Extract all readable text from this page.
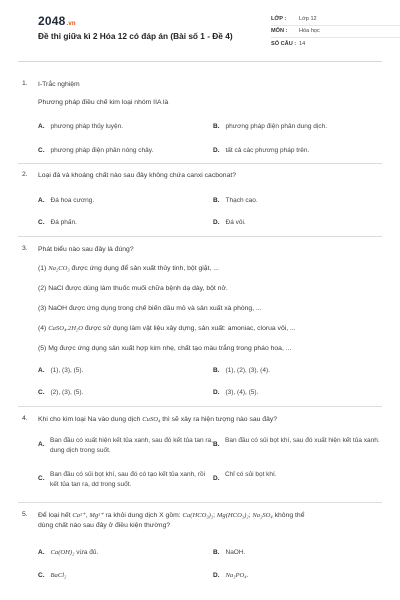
2048.vn
Đề thi giữa kì 2 Hóa 12 có đáp án (Bài số 1 - Đề 4)
LỚP :	Lớp 12
MÔN :	Hóa học
SỐ CÂU : 14
1. I-Trắc nghiệm
Phương pháp điều chế kim loại nhóm IIA là
A. phương pháp thủy luyện.	B. phương pháp điện phân dung dịch.
C. phương pháp điện phân nóng chảy.	D. tất cả các phương pháp trên.
2. Loại đá và khoáng chất nào sau đây không chứa canxi cacbonat?
A. Đá hoa cương.	B. Thạch cao.
C. Đá phấn.	D. Đá vôi.
3. Phát biểu nào sau đây là đúng?
(1) Na₂CO₃ được ứng dụng để sản xuất thủy tinh, bột giặt, ...
(2) NaCl được dùng làm thuốc muối chữa bệnh dạ dày, bột nở.
(3) NaOH được ứng dụng trong chế biến dầu mỏ và sản xuất xà phòng, ...
(4) CaSO₄.2H₂O được sử dụng làm vật liệu xây dựng, sản xuất: amoniac, clorua vôi, ...
(5) Mg được ứng dụng sản xuất hợp kim nhẹ, chất tạo màu trắng trong pháo hoa, ...
A. (1), (3), (5).	B. (1), (2), (3), (4).
C. (2), (3), (5).	D. (3), (4), (5).
4. Khi cho kim loại Na vào dung dịch CuSO₄ thì sẽ xảy ra hiện tượng nào sau đây?
A.
Ban đầu có xuất hiện kết tủa xanh, sau đó kết tủa tan ra, dung dịch trong suốt.
B.
Ban đầu có sủi bọt khí, sau đó xuất hiện kết tủa xanh.
C.
Ban đầu có sủi bọt khí, sau đó có tạo kết tủa xanh, rồi kết tủa tan ra, dd trong suốt.
D.
Chỉ có sủi bọt khí.
5. Để loại hết Ca²⁺, Mg²⁺ ra khỏi dung dịch X gồm: Ca(HCO₃)₂; Mg(HCO₃)₂; Na₂SO₄ không thể
dùng chất nào sau đây ở điều kiện thường?
A. Ca(OH)₂ vừa đủ.	B. NaOH.
C. BaCl₂	D. Na₃PO₄.
